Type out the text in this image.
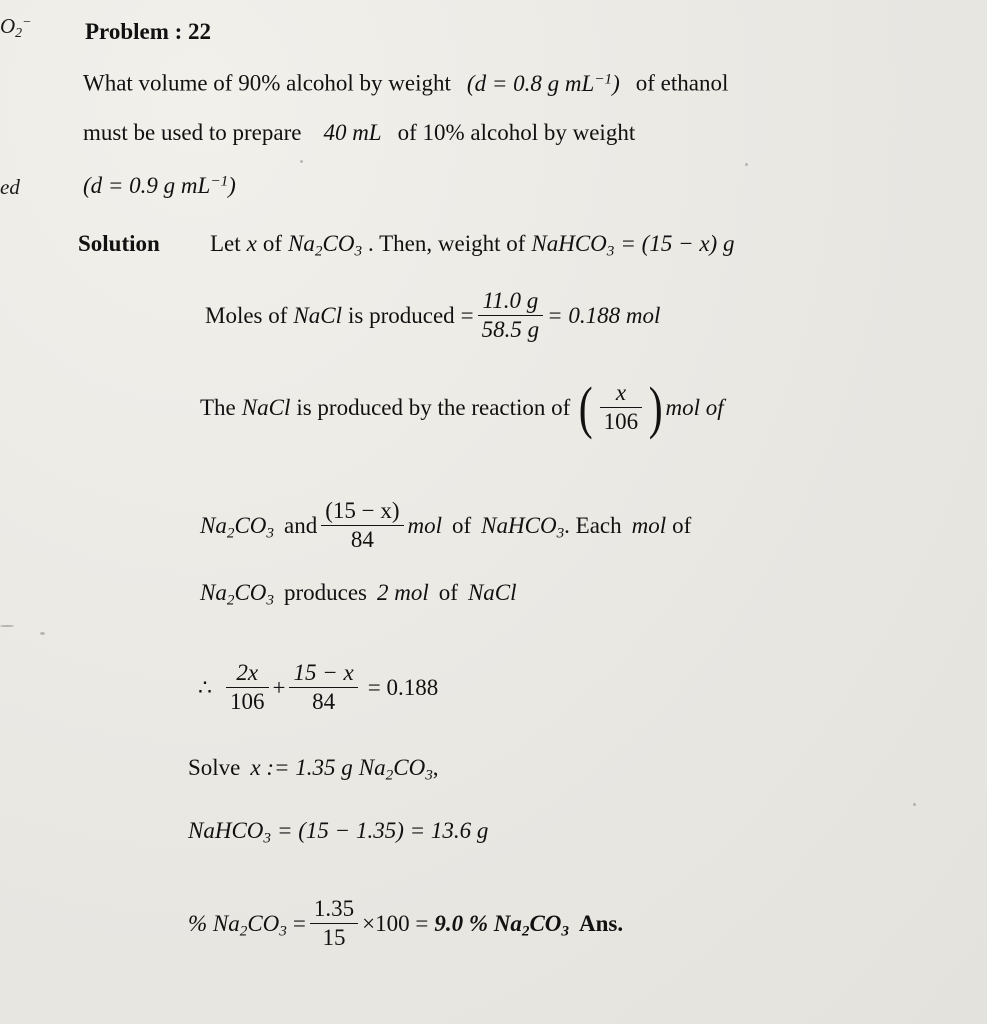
$O_2^-$
ed
Problem : 22
What volume of 90% alcohol by weight (d = 0.8 g $mL^{-1}$) of ethanol
must be used to prepare 40 mL of 10% alcohol by weight
(d = 0.9 g $mL^{-1}$)
Solution Let x of $Na_2CO_3$ . Then, weight of NaHCO$_3$ = (15 − x) g
Moles of NaCl is produced = $\frac{11.0 g}{58.5 g} = 0.188$ mol
The NaCl is produced by the reaction of ( $\frac{x}{106}$ ) mol of
$Na_2CO_3$ and $\frac{(15 - x)}{84}$ mol of NaHCO$_3$. Each mol of
$Na_2CO_3$ produces 2 mol of NaCl
∴ $\frac{2x}{106} + \frac{15 - x}{84} = 0.188$
Solve x := 1.35 g $Na_2CO_3$,
NaHCO$_3$ = (15 − 1.35) = 13.6 g
% $Na_2CO_3 = \frac{1.35}{15} \times 100 = 9.0$ % $Na_2CO_3$ Ans.
